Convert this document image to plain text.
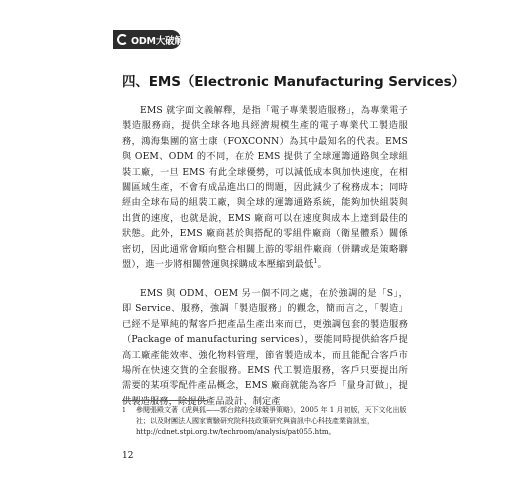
ODM大破解
四、EMS（Electronic Manufacturing Services）
EMS 就字面文義解釋，是指「電子專業製造服務」，為專業電子製造服務商，提供全球各地具經濟規模生產的電子專業代工製造服務，鴻海集團的富士康（FOXCONN）為其中最知名的代表。EMS 與 OEM、ODM 的不同，在於 EMS 提供了全球運籌通路與全球組裝工廠，一旦 EMS 有此全球優勢，可以減低成本與加快速度，在相關區域生產，不會有成品進出口的問題，因此減少了稅務成本；同時經由全球布局的組裝工廠，與全球的運籌通路系統，能夠加快組裝與出貨的速度，也就是說，EMS 廠商可以在速度與成本上達到最佳的狀態。此外，EMS 廠商甚於與搭配的零組件廠商（衛星體系）關係密切，因此通常會順向整合相關上游的零組件廠商（併購或是策略聯盟），進一步將相關營運與採購成本壓縮到最低$^1$。
EMS 與 ODM、OEM 另一個不同之處，在於強調的是「S」，即 Service、服務，強調「製造服務」的觀念，簡而言之，「製造」已經不是單純的幫客戶把產品生產出來而已，更強調包套的製造服務（Package of manufacturing services），要能同時提供給客戶提高工廠產能效率、強化物料管理，節省製造成本，而且能配合客戶市場所在快速交貨的全套服務。EMS 代工製造服務，客戶只要提出所需要的某項零配件產品概念，EMS 廠商就能為客戶「量身訂做」，提供製造服務，除提供產品設計、制定產
1	參閱張殿文著《虎與狐——郭台銘的全球競爭策略》，2005 年 1 月初版，天下文化出版社；以及財團法人國家實驗研究院科技政策研究與資訊中心科技產業資訊室，http://cdnet.stpi.org.tw/techroom/analysis/pat055.htm。
12
